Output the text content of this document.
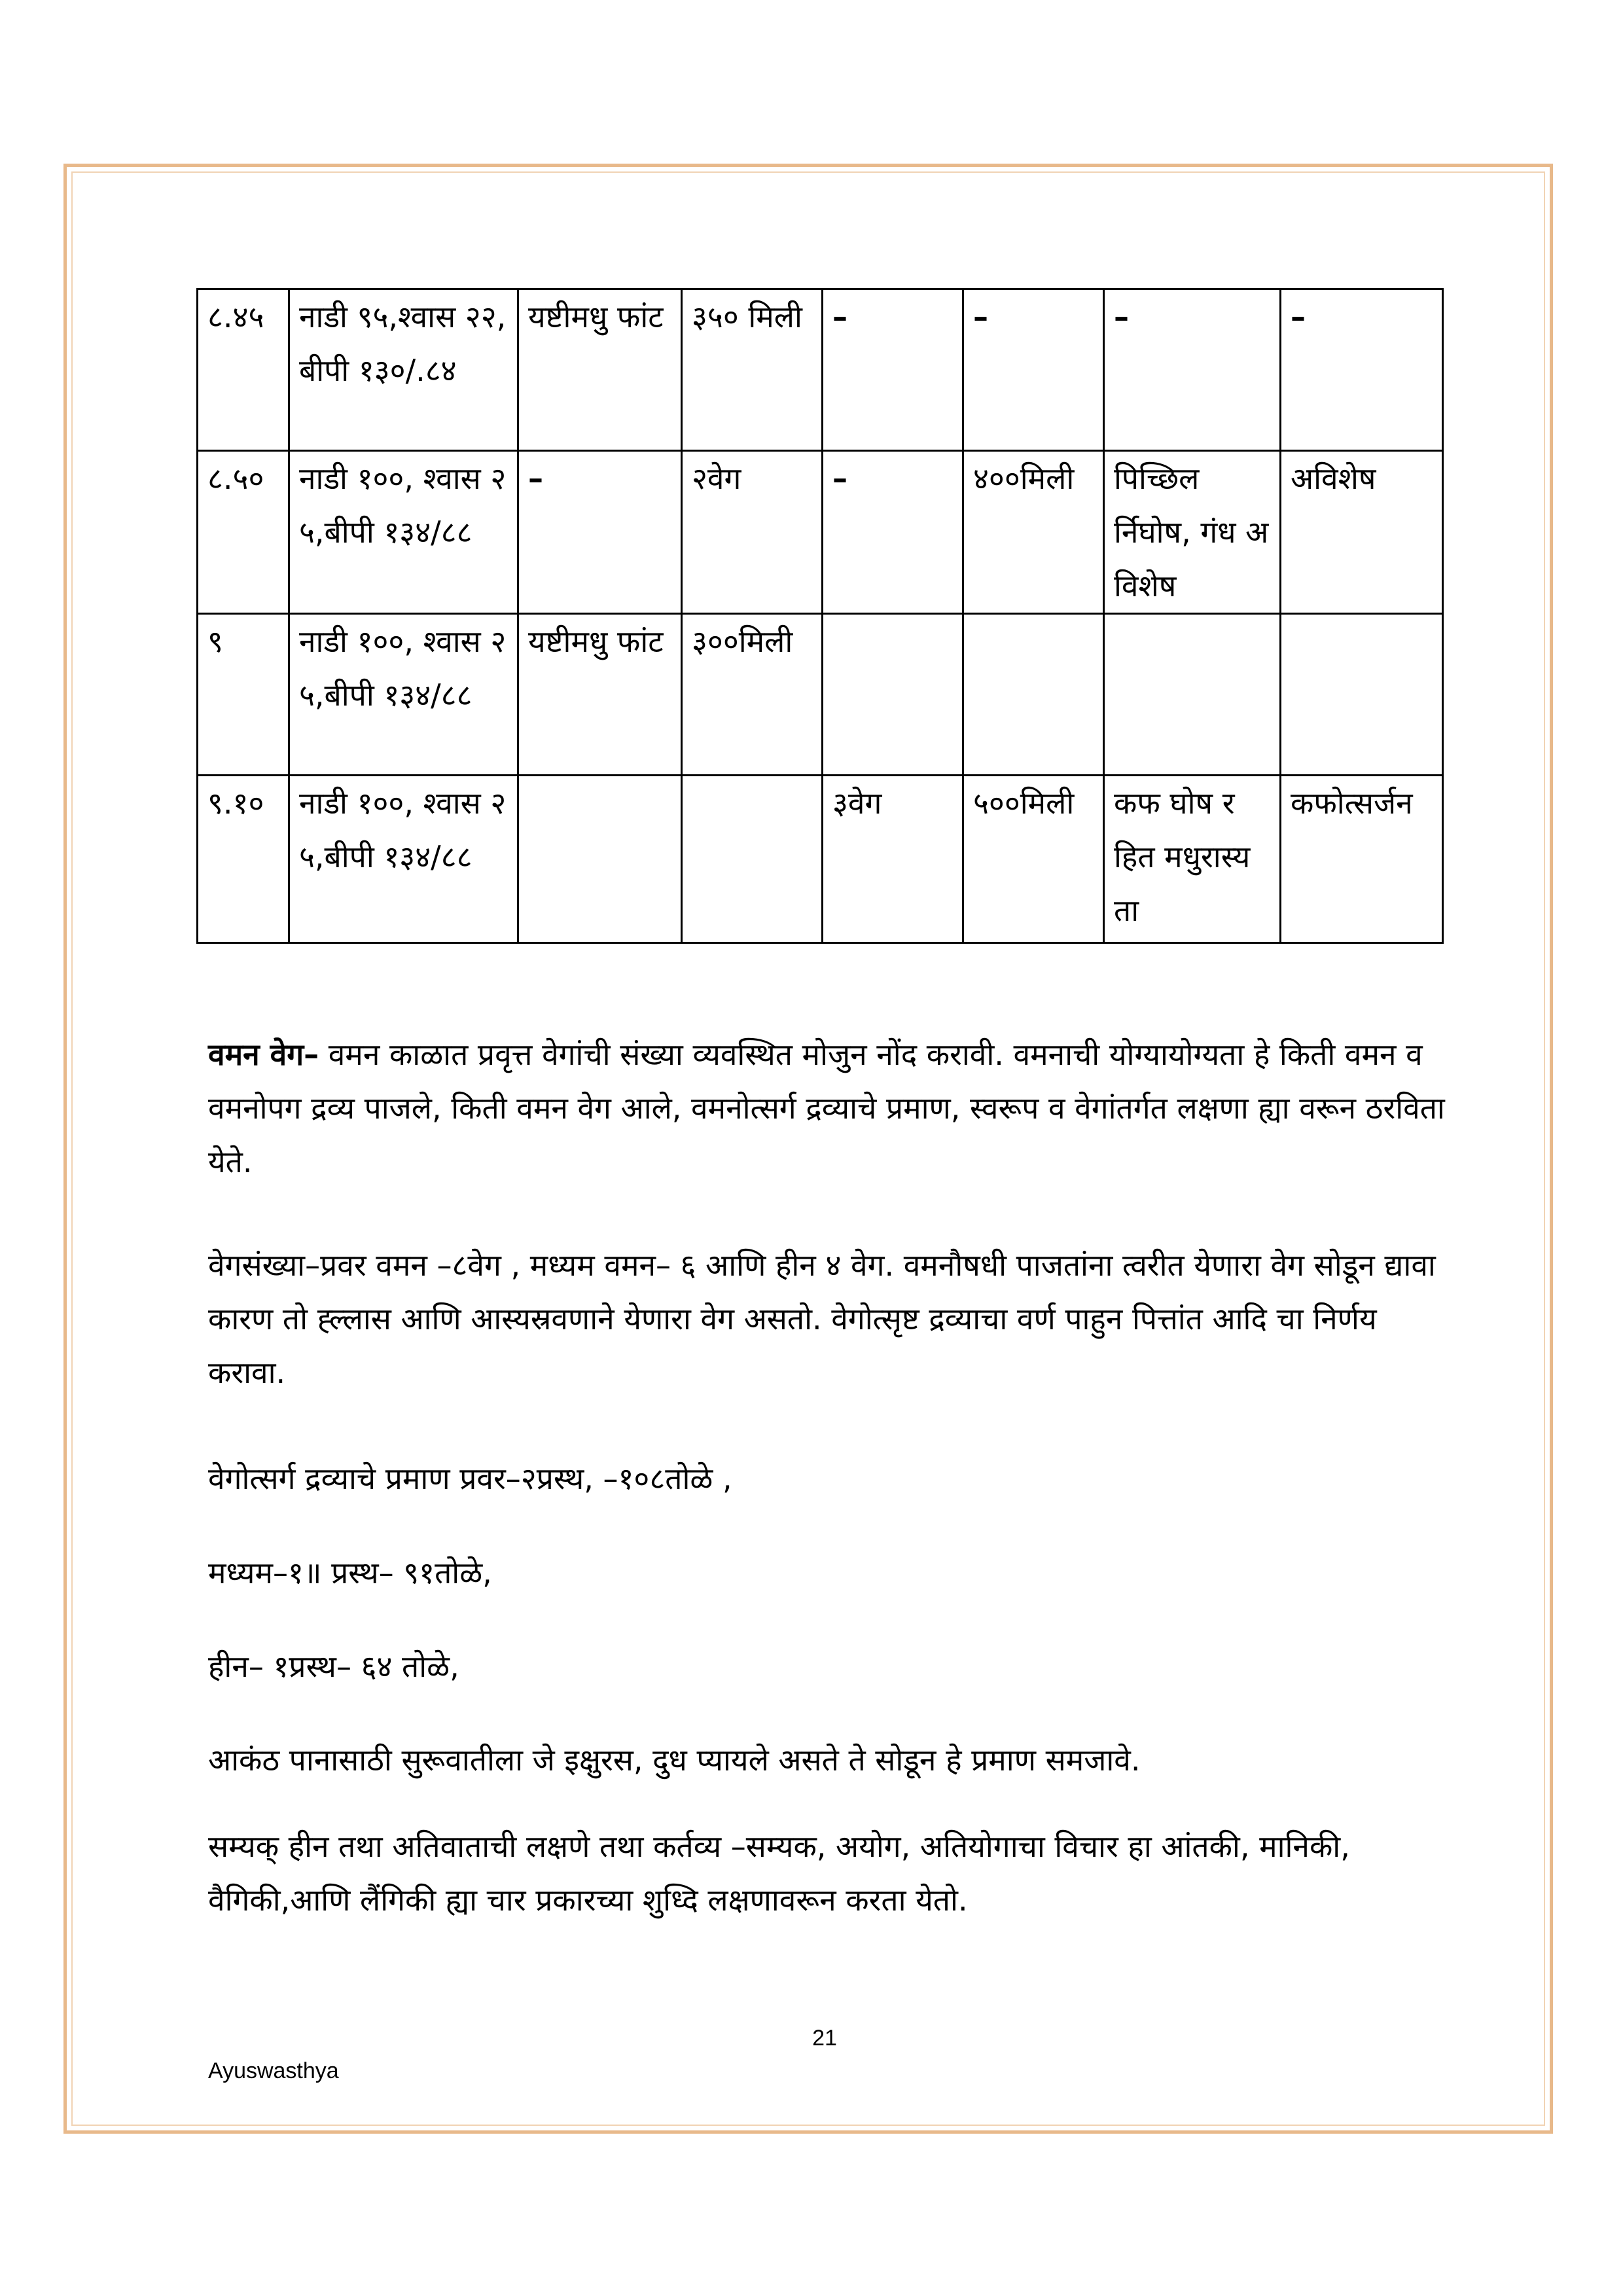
८.४५	नाडी ९५,श्वास २२,बीपी १३०/.८४	यष्टीमधु फांट	३५० मिली	–	–	–	–
८.५०	नाडी १००, श्वास २५,बीपी १३४/८८	–	२वेग	–	४००मिली	पिच्छिल र्निघोष, गंध अविशेष	अविशेष
९	नाडी १००, श्वास २५,बीपी १३४/८८	यष्टीमधु फांट	३००मिली				
९.१०	नाडी १००, श्वास २५,बीपी १३४/८८			३वेग	५००मिली	कफ घोष रहित मधुरास्यता	कफोत्सर्जन

वमन वेग– वमन काळात प्रवृत्त वेगांची संख्या व्यवस्थित मोजुन नोंद करावी. वमनाची योग्यायोग्यता हे किती वमन व वमनोपग द्रव्य पाजले, किती वमन वेग आले, वमनोत्सर्ग द्रव्याचे प्रमाण, स्वरूप व वेगांतर्गत लक्षणा ह्या वरून ठरविता येते.

वेगसंख्या–प्रवर वमन –८वेग , मध्यम वमन– ६ आणि हीन ४ वेग. वमनौषधी पाजतांना त्वरीत येणारा वेग सोडून द्यावा कारण तो ह्ल्लास आणि आस्यस्रवणाने येणारा वेग असतो. वेगोत्सृष्ट द्रव्याचा वर्ण पाहुन पित्तांत आदि चा निर्णय करावा.

वेगोत्सर्ग द्रव्याचे प्रमाण प्रवर–२प्रस्थ, –१०८तोळे ,

मध्यम–१॥ प्रस्थ– ९१तोळे,

हीन– १प्रस्थ– ६४ तोळे,

आकंठ पानासाठी सुरूवातीला जे इक्षुरस, दुध प्यायले असते ते सोडून हे प्रमाण समजावे.

सम्यक् हीन तथा अतिवाताची लक्षणे तथा कर्तव्य –सम्यक, अयोग, अतियोगाचा विचार हा आंतकी, मानिकी, वैगिकी,आणि लैंगिकी ह्या चार प्रकारच्या शुध्दि लक्षणावरून करता येतो.

21
Ayuswasthya
